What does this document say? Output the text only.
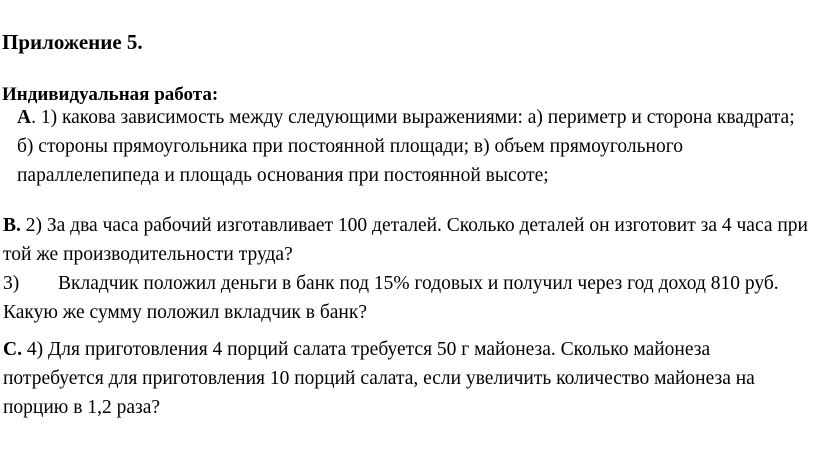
Приложение 5.
Индивидуальная работа:

А. 1) какова зависимость между следующими выражениями: а) периметр и сторона квадрата; б) стороны прямоугольника при постоянной площади; в) объем прямоугольного параллелепипеда и площадь основания при постоянной высоте;

В. 2) За два часа рабочий изготавливает 100 деталей. Сколько деталей он изготовит за 4 часа при той же производительности труда?

3) Вкладчик положил деньги в банк под 15% годовых и получил через год доход 810 руб. Какую же сумму положил вкладчик в банк?

С. 4) Для приготовления 4 порций салата требуется 50 г майонеза. Сколько майонеза потребуется для приготовления 10 порций салата, если увеличить количество майонеза на порцию в 1,2 раза?
